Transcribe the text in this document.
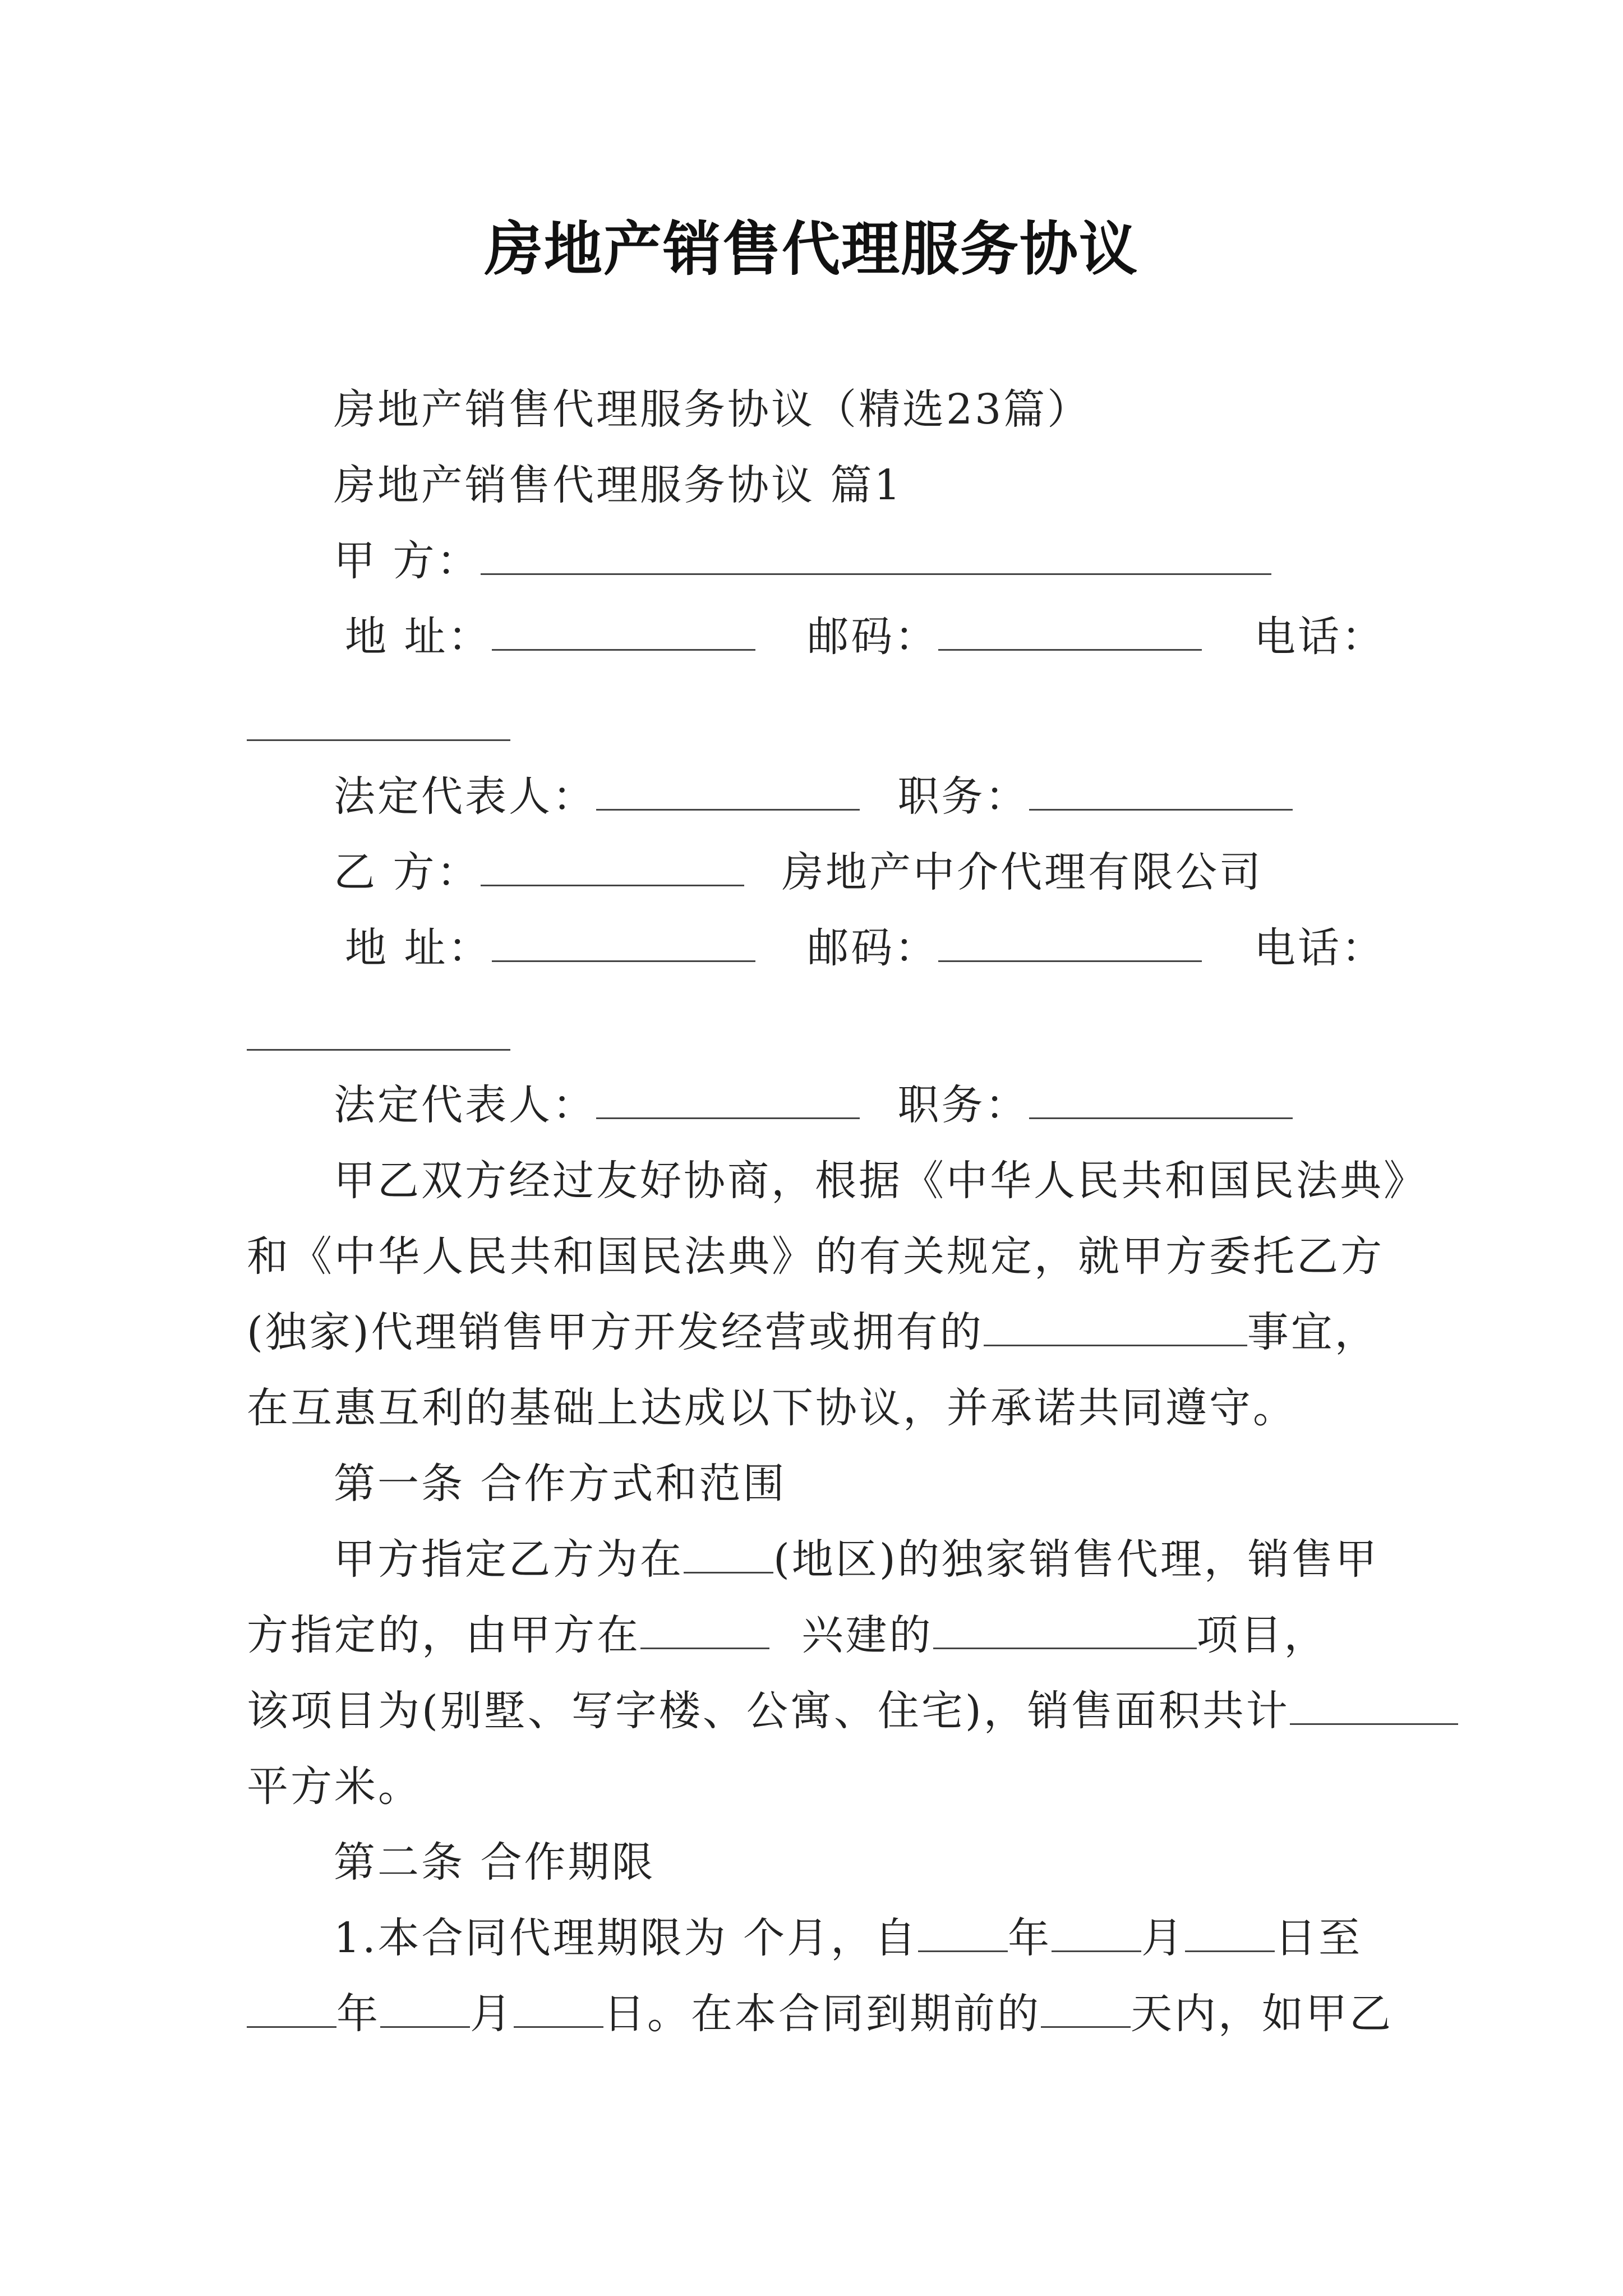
房地产销售代理服务协议
房地产销售代理服务协议（精选23篇）
房地产销售代理服务协议 篇1
甲 方：
地 址：	邮码：	电话：
法定代表人：	职务：
乙 方：	房地产中介代理有限公司
地 址：	邮码：	电话：
法定代表人：	职务：
甲乙双方经过友好协商，根据《中华人民共和国民法典》
和《中华人民共和国民法典》的有关规定，就甲方委托乙方
(独家)代理销售甲方开发经营或拥有的	事宜，
在互惠互利的基础上达成以下协议，并承诺共同遵守。
第一条 合作方式和范围
甲方指定乙方为在 (地区)的独家销售代理，销售甲
方指定的，由甲方在	兴建的	项目，
该项目为(别墅、写字楼、公寓、住宅)，销售面积共计
平方米。
第二条 合作期限
1.本合同代理期限为 个月，自 年 月 日至
年 月 日。在本合同到期前的 天内，如甲乙
